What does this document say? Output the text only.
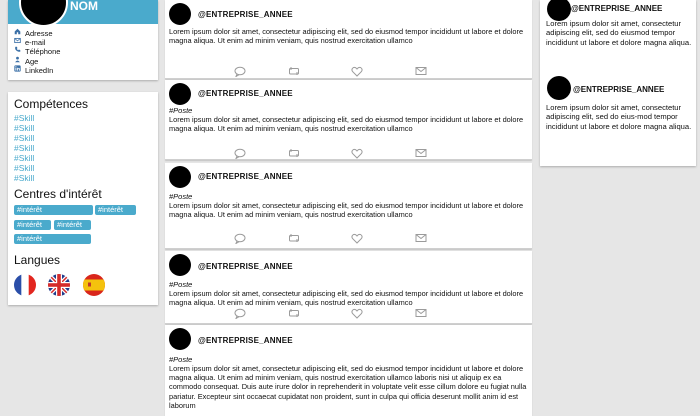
NOM
Adresse
e-mail
Téléphone
Age
LinkedIn
Compétences
#Skill
#Skill
#Skill
#Skill
#Skill
#Skill
#Skill
Centres d'intérêt
#intérêt	#intérêt
#intérêt	#intérêt
#intérêt
Langues
@ENTREPRISE_ANNEE
Lorem ipsum dolor sit amet, consectetur adipiscing elit, sed do eiusmod tempor incididunt ut labore et dolore magna aliqua. Ut enim ad minim veniam, quis nostrud exercitation ullamco
@ENTREPRISE_ANNEE
#Poste
Lorem ipsum dolor sit amet, consectetur adipiscing elit, sed do eiusmod tempor incididunt ut labore et dolore magna aliqua. Ut enim ad minim veniam, quis nostrud exercitation ullamco
@ENTREPRISE_ANNEE
#Poste
Lorem ipsum dolor sit amet, consectetur adipiscing elit, sed do eiusmod tempor incididunt ut labore et dolore magna aliqua. Ut enim ad minim veniam, quis nostrud exercitation ullamco
@ENTREPRISE_ANNEE
#Poste
Lorem ipsum dolor sit amet, consectetur adipiscing elit, sed do eiusmod tempor incididunt ut labore et dolore magna aliqua. Ut enim ad minim veniam, quis nostrud exercitation ullamco
@ENTREPRISE_ANNEE
#Poste
Lorem ipsum dolor sit amet, consectetur adipiscing elit, sed do eiusmod tempor incididunt ut labore et dolore magna aliqua. Ut enim ad minim veniam, quis nostrud exercitation ullamco laboris nisi ut aliquip ex ea commodo consequat. Duis aute irure dolor in reprehenderit in voluptate velit esse cillum dolore eu fugiat nulla pariatur. Excepteur sint occaecat cupidatat non proident, sunt in culpa qui officia deserunt mollit anim id est laborum
@ENTREPRISE_ANNEE
Lorem ipsum dolor sit amet, consectetur adipiscing elit, sed do eiusmod tempor incididunt ut labore et dolore magna aliqua.
@ENTREPRISE_ANNEE
Lorem ipsum dolor sit amet, consectetur adipiscing elit, sed do eius-mod tempor incididunt ut labore et dolore magna aliqua.
